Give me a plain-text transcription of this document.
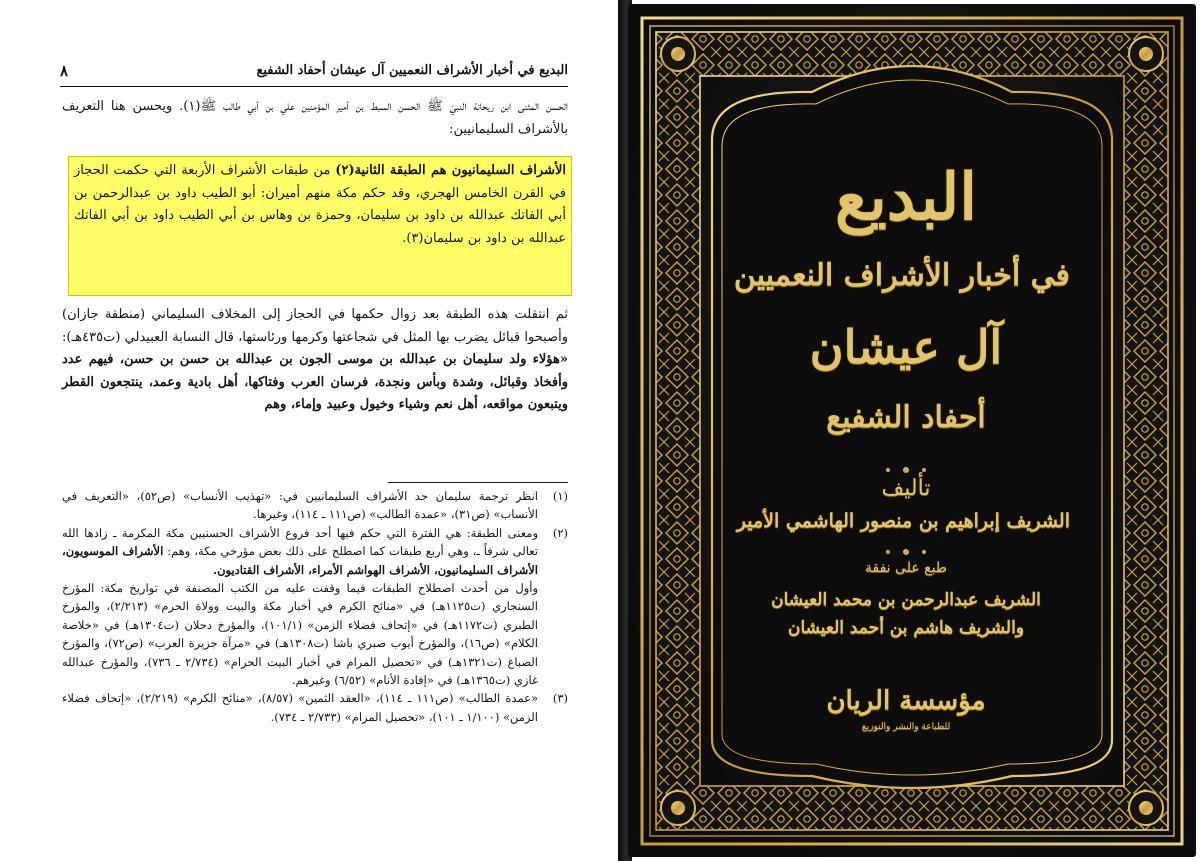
٨	البديع في أخبار الأشراف النعميين آل عيشان أحفاد الشفيع
الحسن المثنى ابن ريحانة النبيّ ﷺ الحسن السبط بن أمير المؤمنين علي بن أبي طالب ﷺ(١). ويحسن هنا التعريف بالأشراف السليمانيين:
الأشراف السليمانيون هم الطبقة الثانية(٢) من طبقات الأشراف الأربعة التي حكمت الحجاز في القرن الخامس الهجري، وقد حكم مكة منهم أميران: أبو الطيب داود بن عبدالرحمن بن أبي الفاتك عبدالله بن داود بن سليمان، وحمزة بن وهاس بن أبي الطيب داود بن أبي الفاتك عبدالله بن داود بن سليمان(٣).
ثم انتقلت هذه الطبقة بعد زوال حكمها في الحجاز إلى المخلاف السليماني (منطقة جازان) وأصبحوا قبائل يضرب بها المثل في شجاعتها وكرمها ورئاستها، قال النسابة العبيدلي (ت٤٣٥هـ): «هؤلاء ولد سليمان بن عبدالله بن موسى الجون بن عبدالله بن حسن بن حسن، فيهم عدد وأفخاذ وقبائل، وشدة وبأس ونجدة، فرسان العرب وفتاكها، أهل بادية وعمد، ينتجعون القطر ويتبعون مواقعه، أهل نعم وشياء وخيول وعبيد وإماء، وهم
(١)
انظر ترجمة سليمان جد الأشراف السليمانيين في: «تهذيب الأنساب» (ص٥٢)، «التعريف في الأنساب» (ص٣١)، «عمدة الطالب» (ص١١١ ـ ١١٤)، وغيرها.
(٢)
ومعنى الطبقة: هي الفترة التي حكم فيها أحد فروع الأشراف الحسنيين مكة المكرمة ـ زادها الله تعالى شرفاً ـ، وهي أربع طبقات كما اصطلح على ذلك بعض مؤرخي مكة، وهم: الأشراف الموسويون، الأشراف السليمانيون، الأشراف الهواشم الأمراء، الأشراف القتاديون.
وأول من أحدث اصطلاح الطبقات فيما وقفت عليه من الكتب المصنفة في تواريخ مكة: المؤرخ السنجاري (ت١١٢٥هـ) في «منائح الكرم في أخبار مكة والبيت وولاة الحرم» (٢/٢١٣)، والمؤرخ الطبري (ت١١٧٢هـ) في «إتحاف فضلاء الزمن» (١٠١/١)، والمؤرخ دحلان (ت١٣٠٤هـ) في «خلاصة الكلام» (ص١٦)، والمؤرخ أيوب صبري باشا (ت١٣٠٨هـ) في «مرآة جزيرة العرب» (ص٧٢)، والمؤرخ الصباغ (ت١٣٢١هـ) في «تحصيل المرام في أخبار البيت الحرام» (٢/٧٣٤ ـ ٧٣٦)، والمؤرخ عبدالله غازي (ت١٣٦٥هـ) في «إفادة الأنام» (٦/٥٢) وغيرهم.
(٣)
«عمدة الطالب» (ص١١١ ـ ١١٤)، «العقد الثمين» (٨/٥٧)، «منائح الكرم» (٢/٢١٩)، «إتحاف فضلاء الزمن» (١/١٠٠ ـ ١٠١)، «تحصيل المرام» (٢/٧٣٣ ـ ٧٣٤).
البديع
في أخبار الأشراف النعميين
آل عيشان
أحفاد الشفيع
تأليف
الشريف إبراهيم بن منصور الهاشمي الأمير
طبع على نفقة
الشريف عبدالرحمن بن محمد العيشان
والشريف هاشم بن أحمد العيشان
مؤسسة الريان
للطباعة والنشر والتوزيع
